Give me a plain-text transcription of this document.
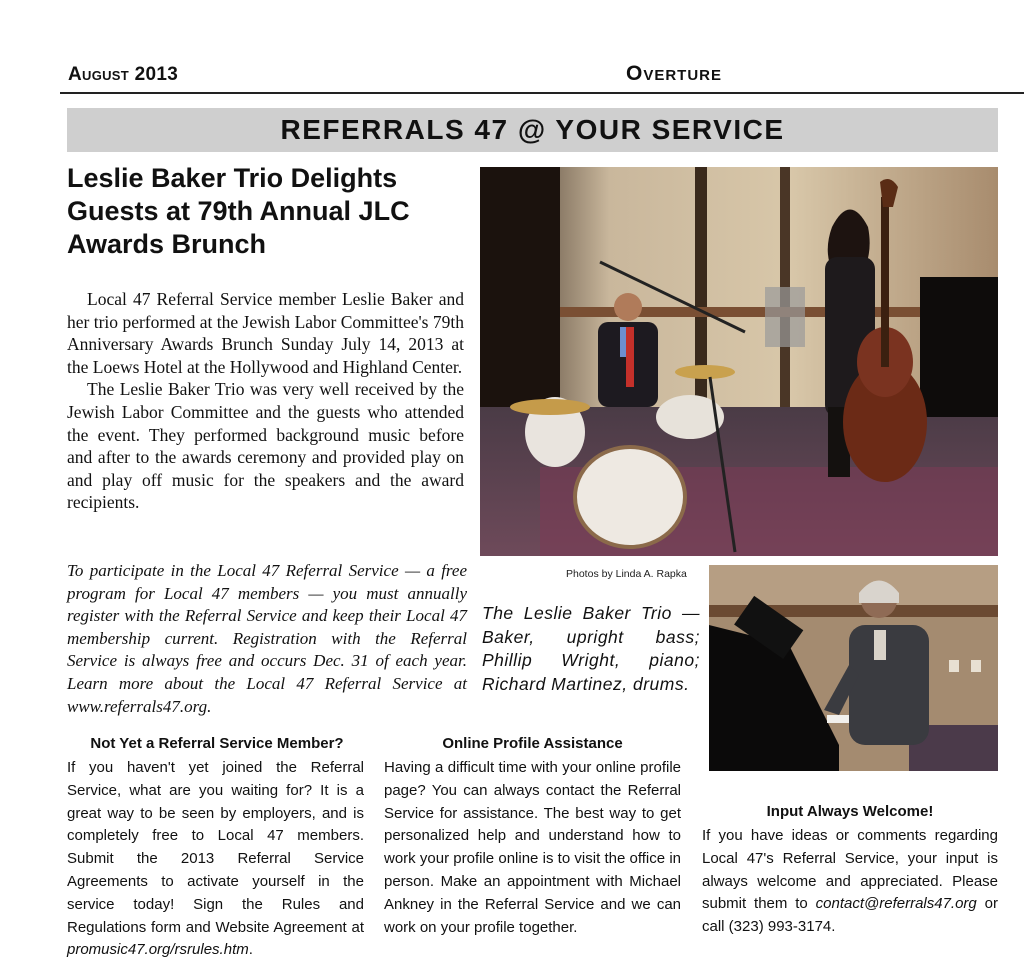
August 2013	Overture
REFERRALS 47 @ YOUR SERVICE
Leslie Baker Trio Delights Guests at 79th Annual JLC Awards Brunch

Local 47 Referral Service member Leslie Baker and her trio performed at the Jewish Labor Committee's 79th Anniversary Awards Brunch Sunday July 14, 2013 at the Loews Hotel at the Hollywood and Highland Center.

The Leslie Baker Trio was very well received by the Jewish Labor Committee and the guests who attended the event. They performed background music before and after to the awards ceremony and provided play on and play off music for the speakers and the award recipients.

To participate in the Local 47 Referral Service — a free program for Local 47 members — you must annually register with the Referral Service and keep their Local 47 membership current. Registration with the Referral Service is always free and occurs Dec. 31 of each year. Learn more about the Local 47 Referral Service at www.referrals47.org.
Photos by Linda A. Rapka
The Leslie Baker Trio — Baker, upright bass; Phillip Wright, piano; Richard Martinez, drums.
Not Yet a Referral Service Member?
If you haven't yet joined the Referral Service, what are you waiting for? It is a great way to be seen by employers, and is completely free to Local 47 members. Submit the 2013 Referral Service Agreements to activate yourself in the service today! Sign the Rules and Regulations form and Website Agreement at promusic47.org/rsrules.htm.
Online Profile Assistance
Having a difficult time with your online profile page? You can always contact the Referral Service for assistance. The best way to get personalized help and understand how to work your profile online is to visit the office in person. Make an appointment with Michael Ankney in the Referral Service and we can work on your profile together.
Input Always Welcome!
If you have ideas or comments regarding Local 47's Referral Service, your input is always welcome and appreciated. Please submit them to contact@referrals47.org or call (323) 993-3174.
